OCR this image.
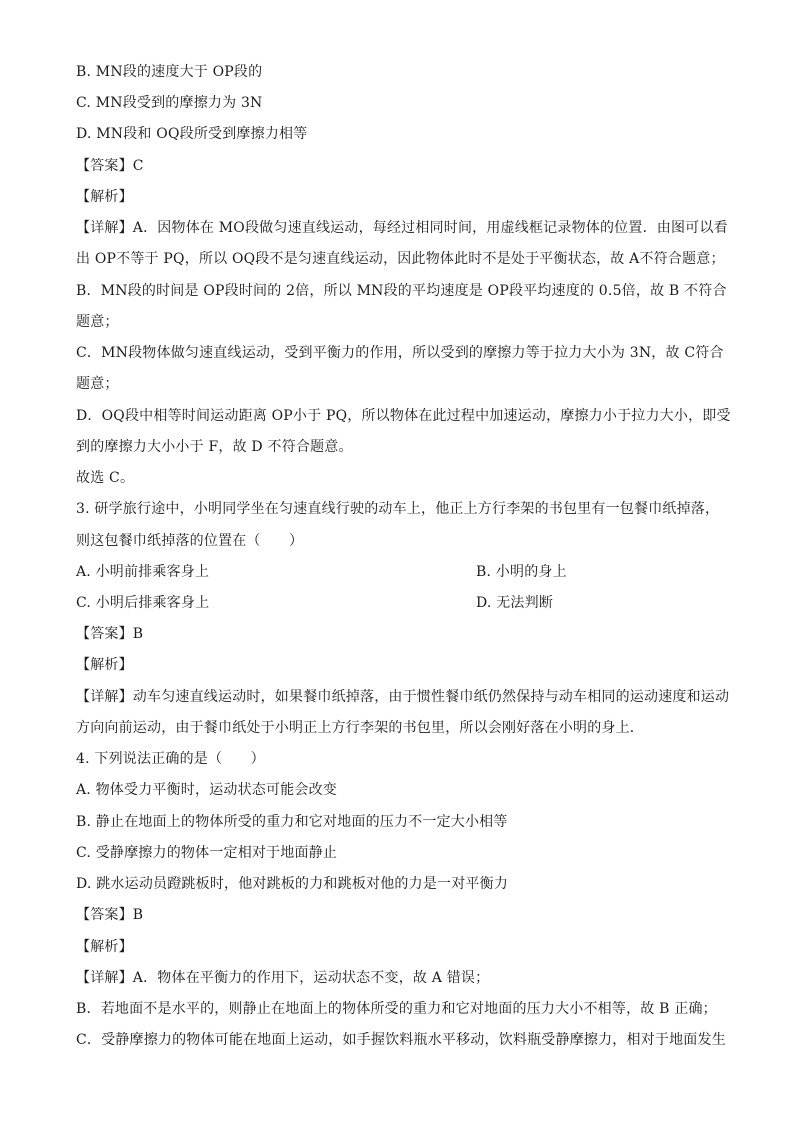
B. MN段的速度大于 OP段的
C. MN段受到的摩擦力为 3N
D. MN段和 OQ段所受到摩擦力相等
【答案】C
【解析】
【详解】A．因物体在 MO段做匀速直线运动，每经过相同时间，用虚线框记录物体的位置．由图可以看
出 OP不等于 PQ，所以 OQ段不是匀速直线运动，因此物体此时不是处于平衡状态，故 A不符合题意；
B．MN段的时间是 OP段时间的 2倍，所以 MN段的平均速度是 OP段平均速度的 0.5倍，故 B 不符合
题意；
C．MN段物体做匀速直线运动，受到平衡力的作用，所以受到的摩擦力等于拉力大小为 3N，故 C符合
题意；
D．OQ段中相等时间运动距离 OP小于 PQ，所以物体在此过程中加速运动，摩擦力小于拉力大小，即受
到的摩擦力大小小于 F，故 D 不符合题意。
故选 C。
3. 研学旅行途中，小明同学坐在匀速直线行驶的动车上，他正上方行李架的书包里有一包餐巾纸掉落，
则这包餐巾纸掉落的位置在（　　）
A. 小明前排乘客身上	B. 小明的身上
C. 小明后排乘客身上	D. 无法判断
【答案】B
【解析】
【详解】动车匀速直线运动时，如果餐巾纸掉落，由于惯性餐巾纸仍然保持与动车相同的运动速度和运动
方向向前运动，由于餐巾纸处于小明正上方行李架的书包里，所以会刚好落在小明的身上．
4. 下列说法正确的是（　　）
A. 物体受力平衡时，运动状态可能会改变
B. 静止在地面上的物体所受的重力和它对地面的压力不一定大小相等
C. 受静摩擦力的物体一定相对于地面静止
D. 跳水运动员蹬跳板时，他对跳板的力和跳板对他的力是一对平衡力
【答案】B
【解析】
【详解】A．物体在平衡力的作用下，运动状态不变，故 A 错误；
B．若地面不是水平的，则静止在地面上的物体所受的重力和它对地面的压力大小不相等，故 B 正确；
C．受静摩擦力的物体可能在地面上运动，如手握饮料瓶水平移动，饮料瓶受静摩擦力，相对于地面发生
